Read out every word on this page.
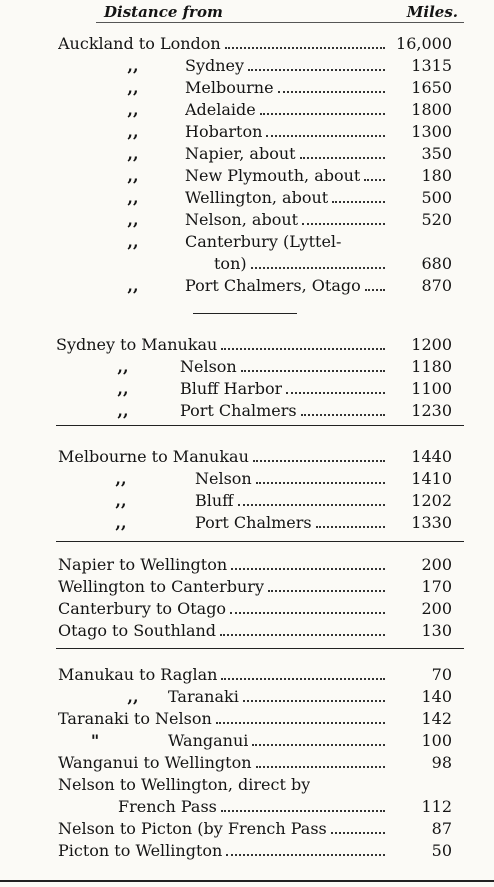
Distance from	Miles.
Auckland to London	16,000
,,	Sydney	1315
,,	Melbourne	1650
,,	Adelaide	1800
,,	Hobarton	1300
,,	Napier, about	350
,,	New Plymouth, about	180
,,	Wellington, about	500
,,	Nelson, about	520
,,	Canterbury (Lyttel-
ton)	680
,,	Port Chalmers, Otago	870
Sydney to Manukau	1200
,,	Nelson	1180
,,	Bluff Harbor	1100
,,	Port Chalmers	1230
Melbourne to Manukau	1440
,,	Nelson	1410
,,	Bluff	1202
,,	Port Chalmers	1330
Napier to Wellington	200
Wellington to Canterbury	170
Canterbury to Otago	200
Otago to Southland	130
Manukau to Raglan	70
,, Taranaki	140
Taranaki to Nelson	142
"	Wanganui	100
Wanganui to Wellington	98
Nelson to Wellington, direct by
French Pass	112
Nelson to Picton (by French Pass	87
Picton to Wellington	50
